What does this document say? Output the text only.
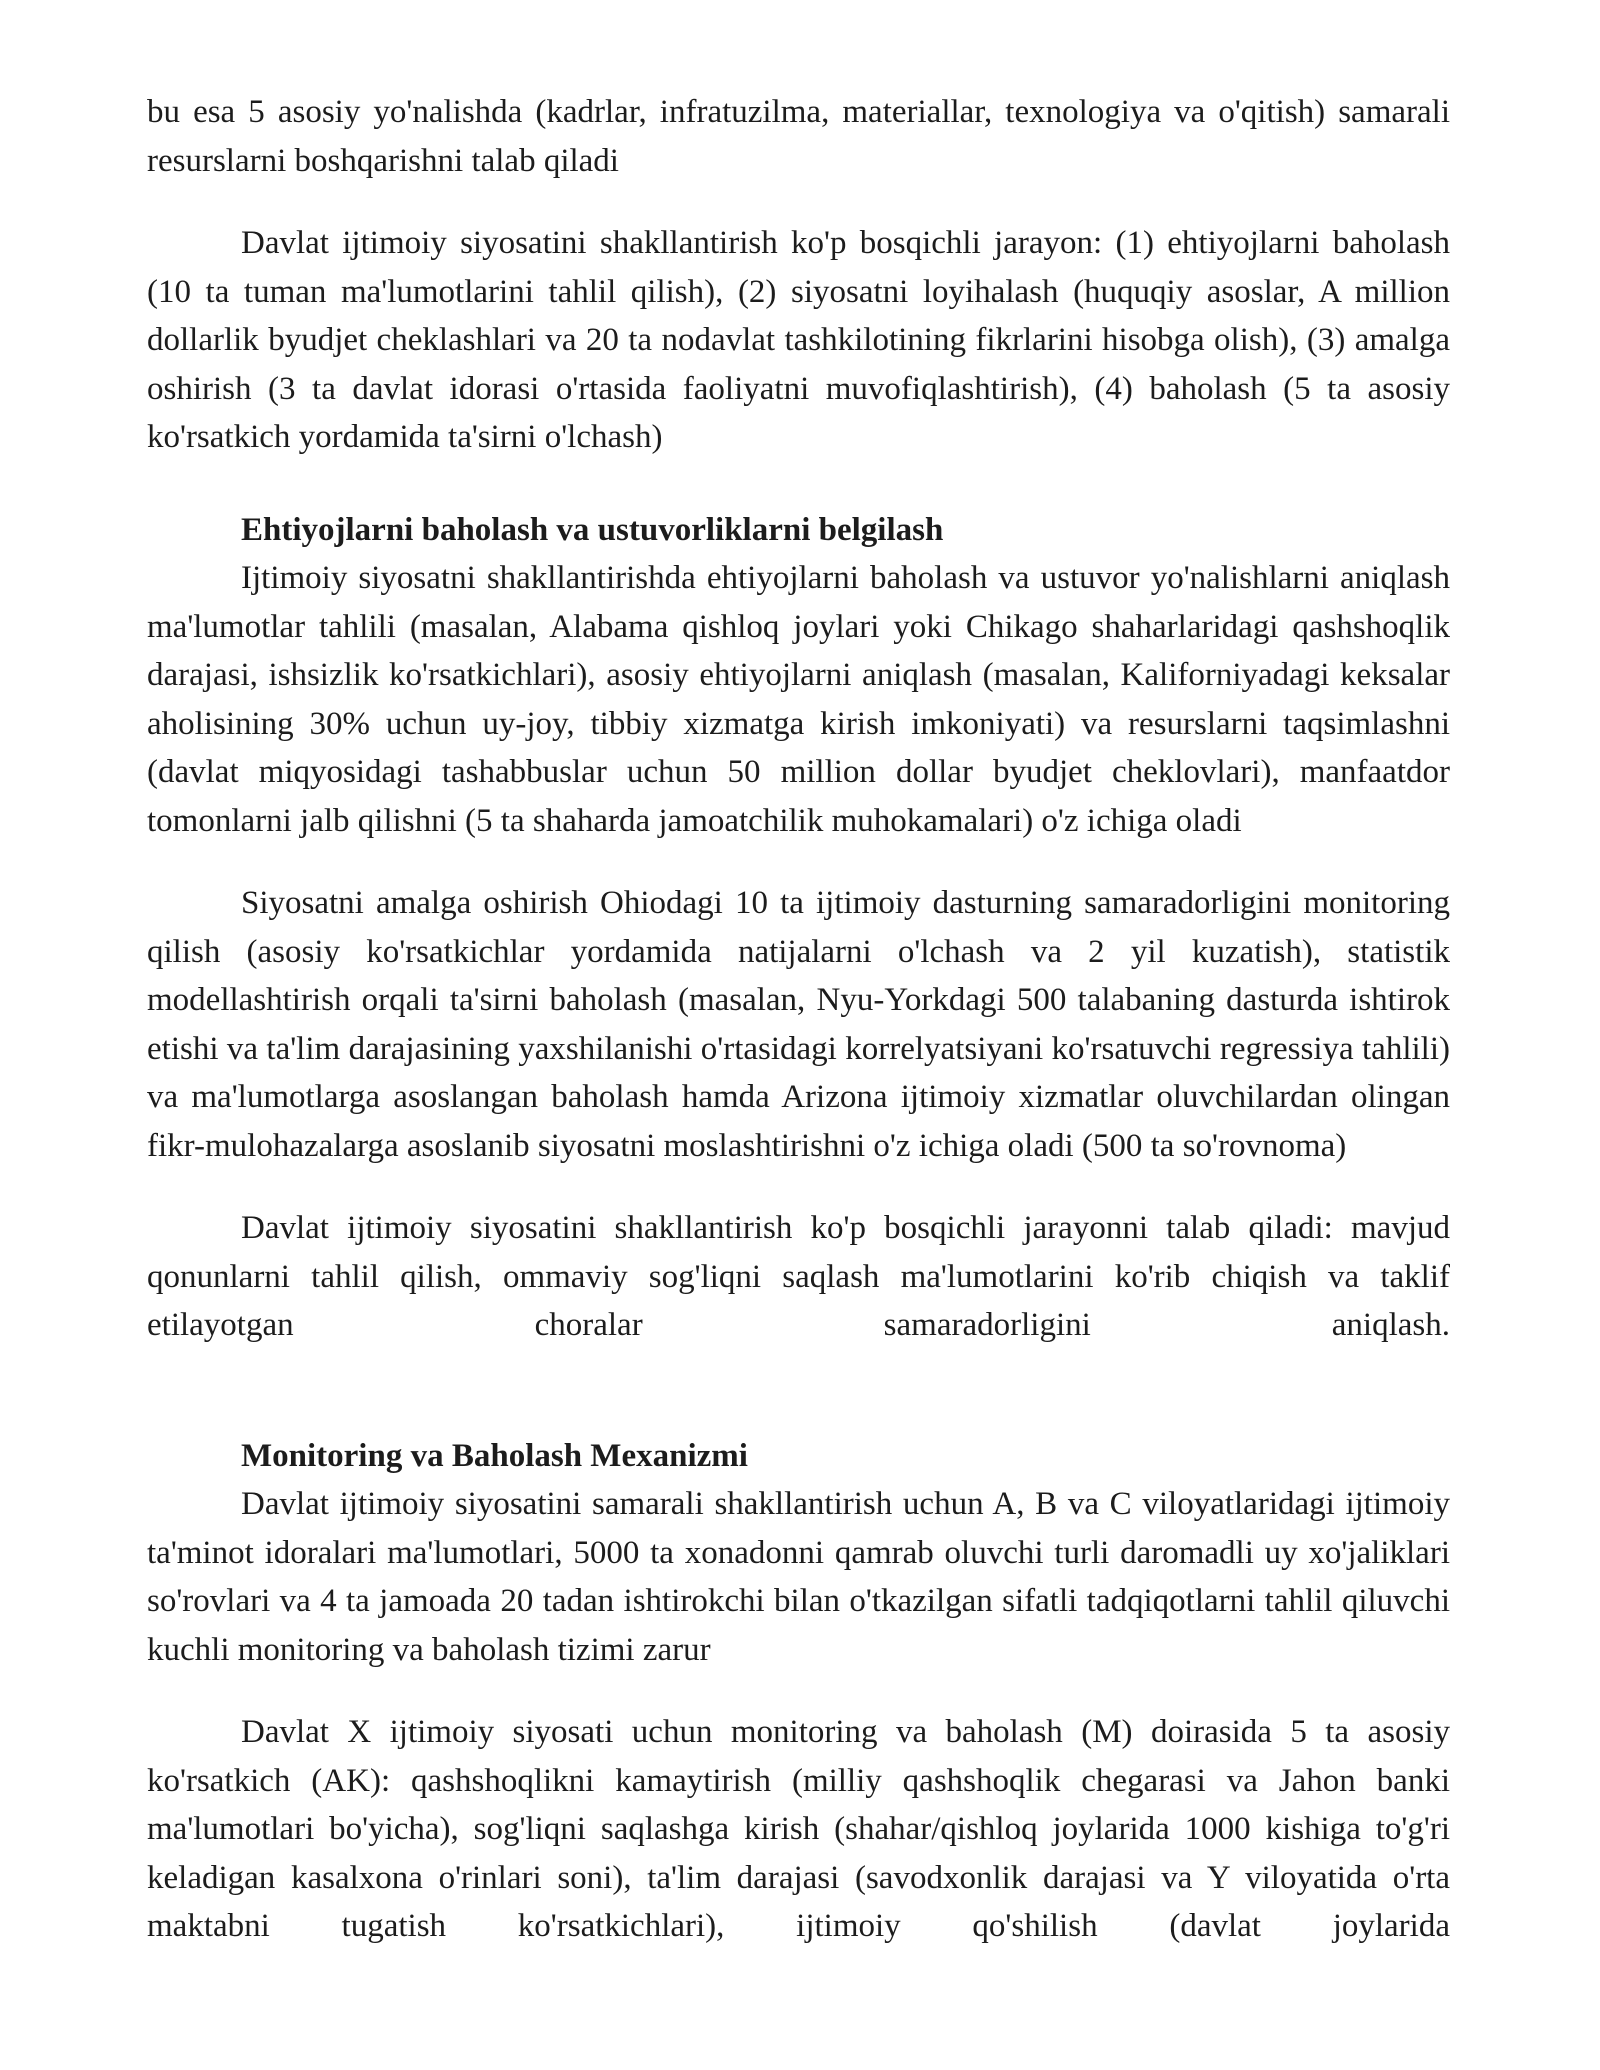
bu esa 5 asosiy yo'nalishda (kadrlar, infratuzilma, materiallar, texnologiya va o'qitish) samarali resurslarni boshqarishni talab qiladi

Davlat ijtimoiy siyosatini shakllantirish ko'p bosqichli jarayon: (1) ehtiyojlarni baholash (10 ta tuman ma'lumotlarini tahlil qilish), (2) siyosatni loyihalash (huquqiy asoslar, A million dollarlik byudjet cheklashlari va 20 ta nodavlat tashkilotining fikrlarini hisobga olish), (3) amalga oshirish (3 ta davlat idorasi o'rtasida faoliyatni muvofiqlashtirish), (4) baholash (5 ta asosiy ko'rsatkich yordamida ta'sirni o'lchash)

Ehtiyojlarni baholash va ustuvorliklarni belgilash

Ijtimoiy siyosatni shakllantirishda ehtiyojlarni baholash va ustuvor yo'nalishlarni aniqlash ma'lumotlar tahlili (masalan, Alabama qishloq joylari yoki Chikago shaharlaridagi qashshoqlik darajasi, ishsizlik ko'rsatkichlari), asosiy ehtiyojlarni aniqlash (masalan, Kaliforniyadagi keksalar aholisining 30% uchun uy-joy, tibbiy xizmatga kirish imkoniyati) va resurslarni taqsimlashni (davlat miqyosidagi tashabbuslar uchun 50 million dollar byudjet cheklovlari), manfaatdor tomonlarni jalb qilishni (5 ta shaharda jamoatchilik muhokamalari) o'z ichiga oladi

Siyosatni amalga oshirish Ohiodagi 10 ta ijtimoiy dasturning samaradorligini monitoring qilish (asosiy ko'rsatkichlar yordamida natijalarni o'lchash va 2 yil kuzatish), statistik modellashtirish orqali ta'sirni baholash (masalan, Nyu-Yorkdagi 500 talabaning dasturda ishtirok etishi va ta'lim darajasining yaxshilanishi o'rtasidagi korrelyatsiyani ko'rsatuvchi regressiya tahlili) va ma'lumotlarga asoslangan baholash hamda Arizona ijtimoiy xizmatlar oluvchilardan olingan fikr-mulohazalarga asoslanib siyosatni moslashtirishni o'z ichiga oladi (500 ta so'rovnoma)

Davlat ijtimoiy siyosatini shakllantirish ko'p bosqichli jarayonni talab qiladi: mavjud qonunlarni tahlil qilish, ommaviy sog'liqni saqlash ma'lumotlarini ko'rib chiqish va taklif etilayotgan choralar samaradorligini aniqlash.

Monitoring va Baholash Mexanizmi

Davlat ijtimoiy siyosatini samarali shakllantirish uchun A, B va C viloyatlaridagi ijtimoiy ta'minot idoralari ma'lumotlari, 5000 ta xonadonni qamrab oluvchi turli daromadli uy xo'jaliklari so'rovlari va 4 ta jamoada 20 tadan ishtirokchi bilan o'tkazilgan sifatli tadqiqotlarni tahlil qiluvchi kuchli monitoring va baholash tizimi zarur

Davlat X ijtimoiy siyosati uchun monitoring va baholash (M) doirasida 5 ta asosiy ko'rsatkich (AK): qashshoqlikni kamaytirish (milliy qashshoqlik chegarasi va Jahon banki ma'lumotlari bo'yicha), sog'liqni saqlashga kirish (shahar/qishloq joylarida 1000 kishiga to'g'ri keladigan kasalxona o'rinlari soni), ta'lim darajasi (savodxonlik darajasi va Y viloyatida o'rta maktabni tugatish ko'rsatkichlari), ijtimoiy qo'shilish (davlat joylarida
